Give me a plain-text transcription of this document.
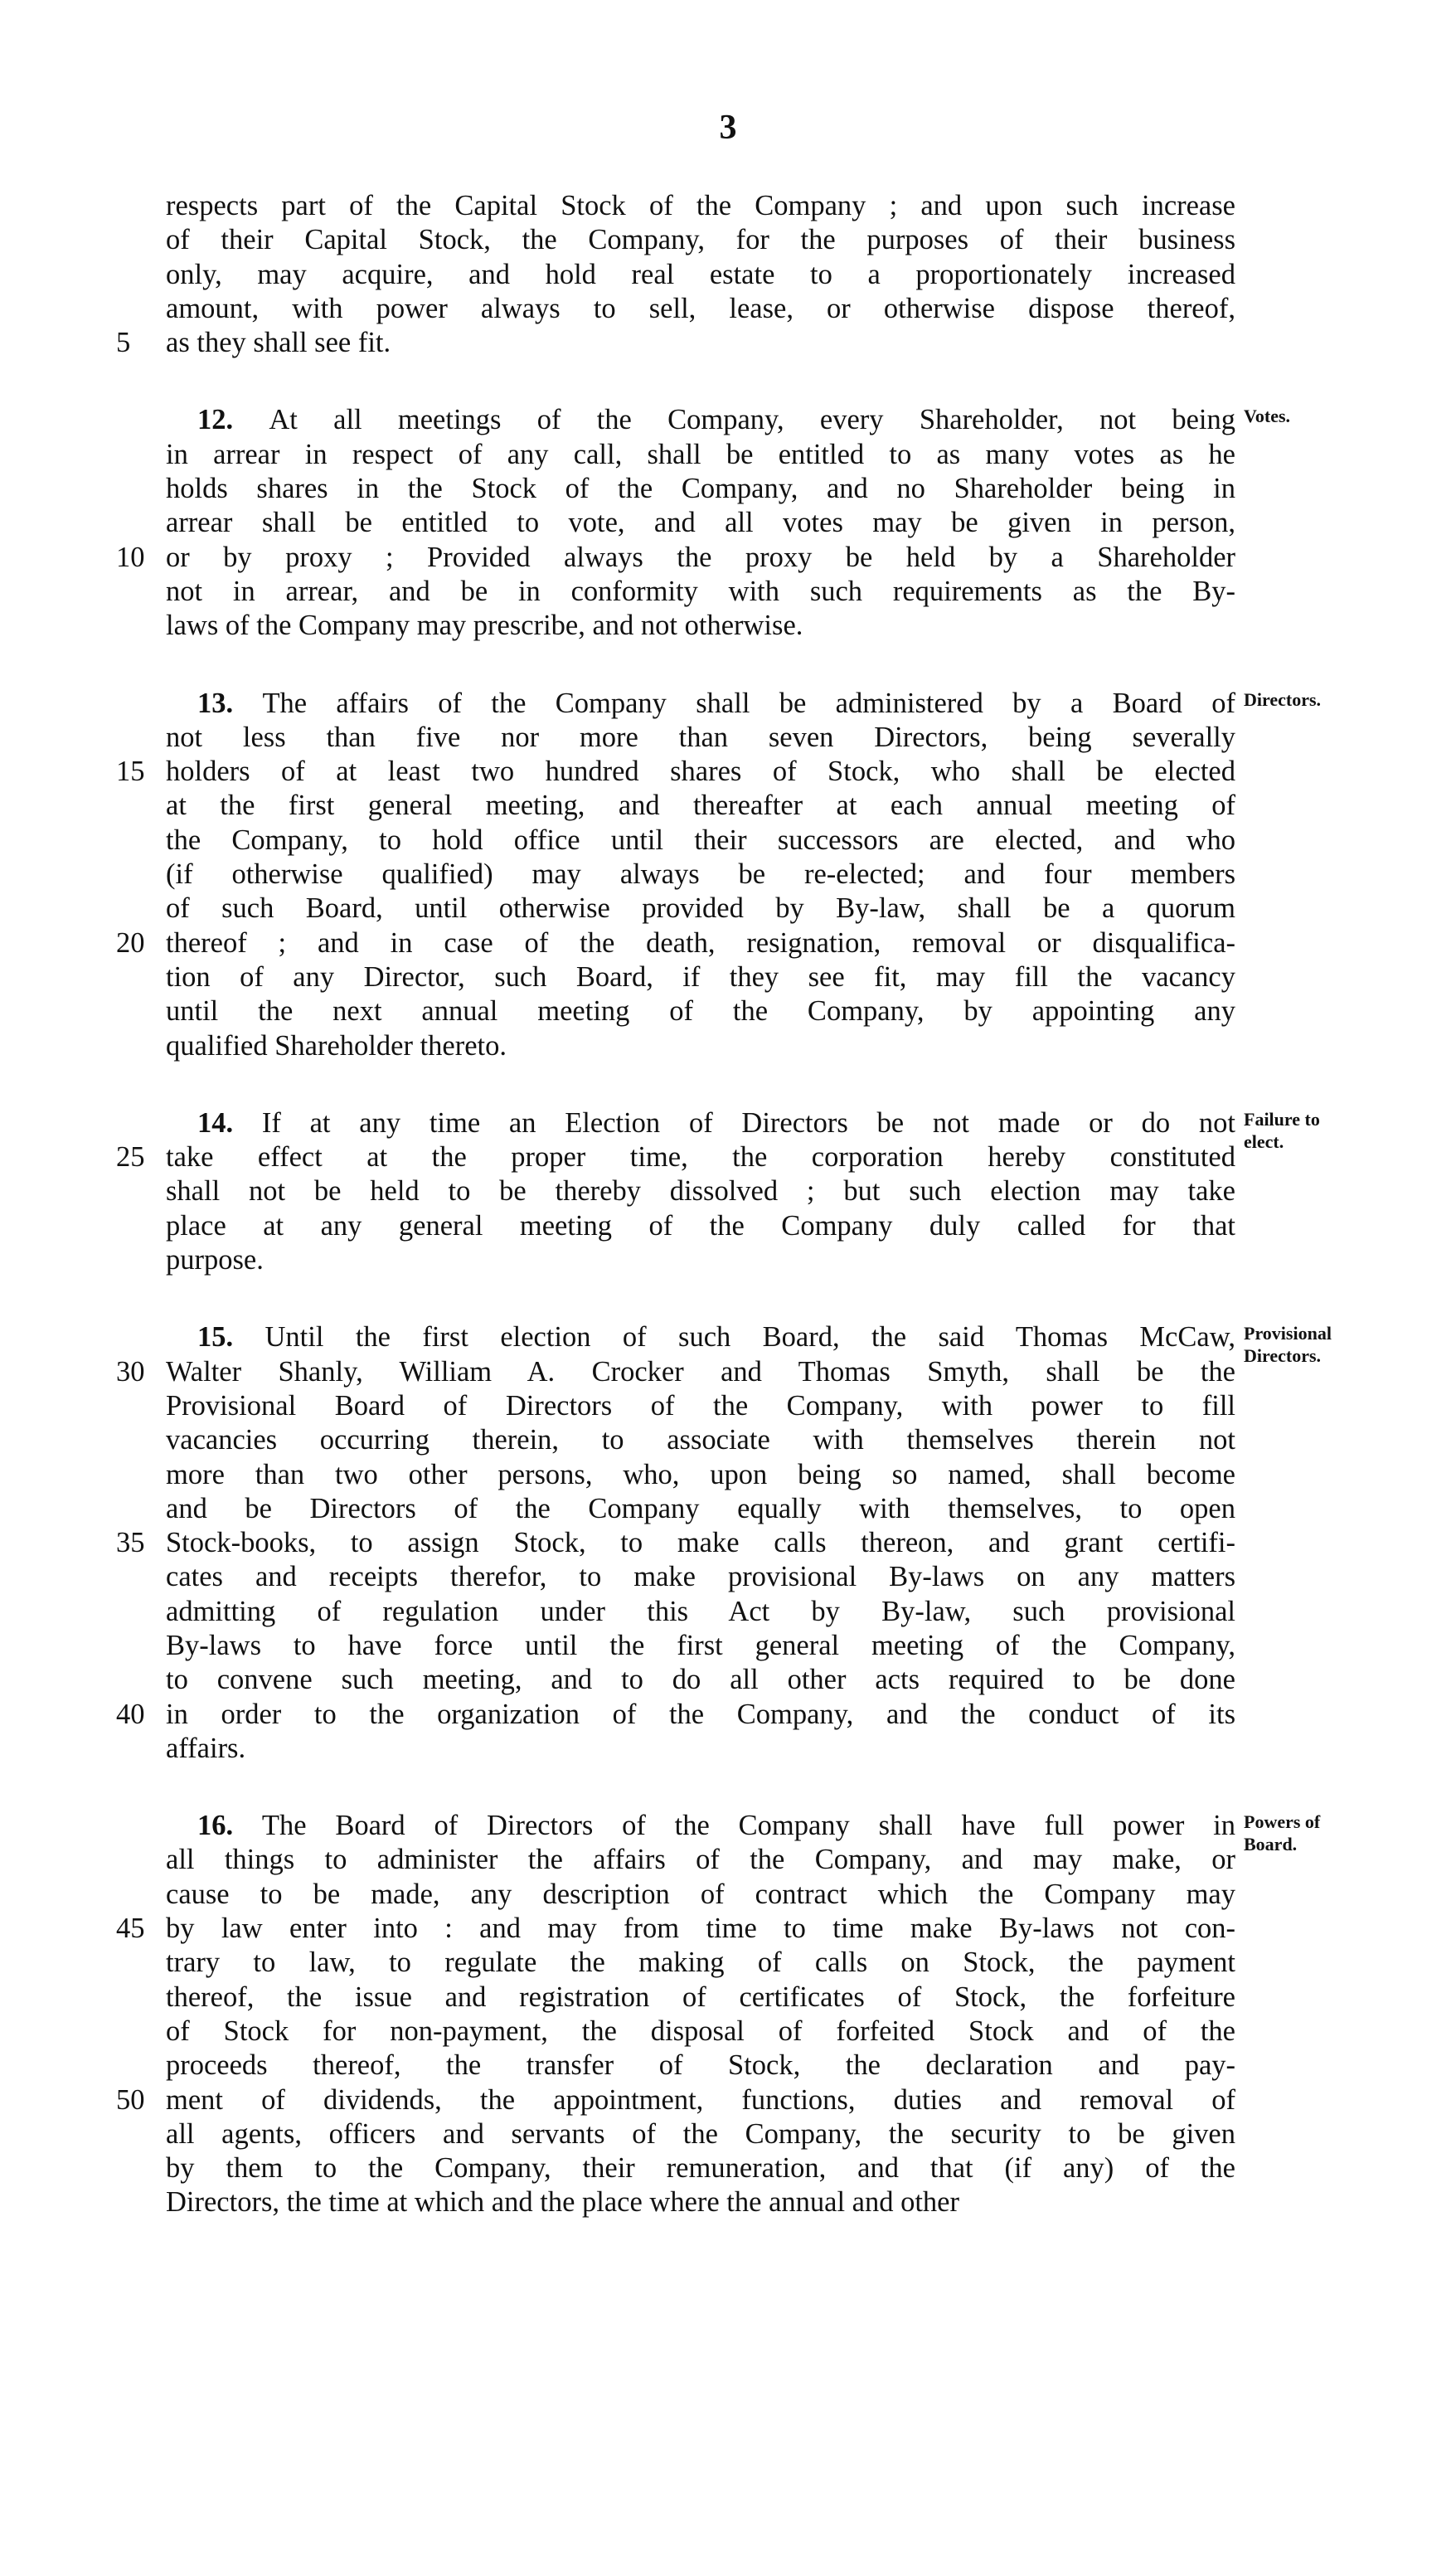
3
respects part of the Capital Stock of the Company ; and upon such increase
of their Capital Stock, the Company, for the purposes of their business
only, may acquire, and hold real estate to a proportionately increased
amount, with power always to sell, lease, or otherwise dispose thereof,
5	as they shall see fit.
12. At all meetings of the Company, every Shareholder, not being Votes.
in arrear in respect of any call, shall be entitled to as many votes as he
holds shares in the Stock of the Company, and no Shareholder being in
arrear shall be entitled to vote, and all votes may be given in person,
10 or by proxy ; Provided always the proxy be held by a Shareholder
not in arrear, and be in conformity with such requirements as the By-
laws of the Company may prescribe, and not otherwise.
13. The affairs of the Company shall be administered by a Board of Directors.
not less than five nor more than seven Directors, being severally
15 holders of at least two hundred shares of Stock, who shall be elected
at the first general meeting, and thereafter at each annual meeting of
the Company, to hold office until their successors are elected, and who
(if otherwise qualified) may always be re-elected; and four members
of such Board, until otherwise provided by By-law, shall be a quorum
20 thereof ; and in case of the death, resignation, removal or disqualifica-
tion of any Director, such Board, if they see fit, may fill the vacancy
until the next annual meeting of the Company, by appointing any
qualified Shareholder thereto.
14. If at any time an Election of Directors be not made or do not Failure to
elect.
25 take effect at the proper time, the corporation hereby constituted
shall not be held to be thereby dissolved ; but such election may take
place at any general meeting of the Company duly called for that
purpose.
15. Until the first election of such Board, the said Thomas McCaw, Provisional
Directors.
30 Walter Shanly, William A. Crocker and Thomas Smyth, shall be the
Provisional Board of Directors of the Company, with power to fill
vacancies occurring therein, to associate with themselves therein not
more than two other persons, who, upon being so named, shall become
and be Directors of the Company equally with themselves, to open
35 Stock-books, to assign Stock, to make calls thereon, and grant certifi-
cates and receipts therefor, to make provisional By-laws on any matters
admitting of regulation under this Act by By-law, such provisional
By-laws to have force until the first general meeting of the Company,
to convene such meeting, and to do all other acts required to be done
40 in order to the organization of the Company, and the conduct of its
affairs.
16. The Board of Directors of the Company shall have full power in Powers of
Board.
all things to administer the affairs of the Company, and may make, or
cause to be made, any description of contract which the Company may
45 by law enter into : and may from time to time make By-laws not con-
trary to law, to regulate the making of calls on Stock, the payment
thereof, the issue and registration of certificates of Stock, the forfeiture
of Stock for non-payment, the disposal of forfeited Stock and of the
proceeds thereof, the transfer of Stock, the declaration and pay-
50 ment of dividends, the appointment, functions, duties and removal of
all agents, officers and servants of the Company, the security to be given
by them to the Company, their remuneration, and that (if any) of the
Directors, the time at which and the place where the annual and other
